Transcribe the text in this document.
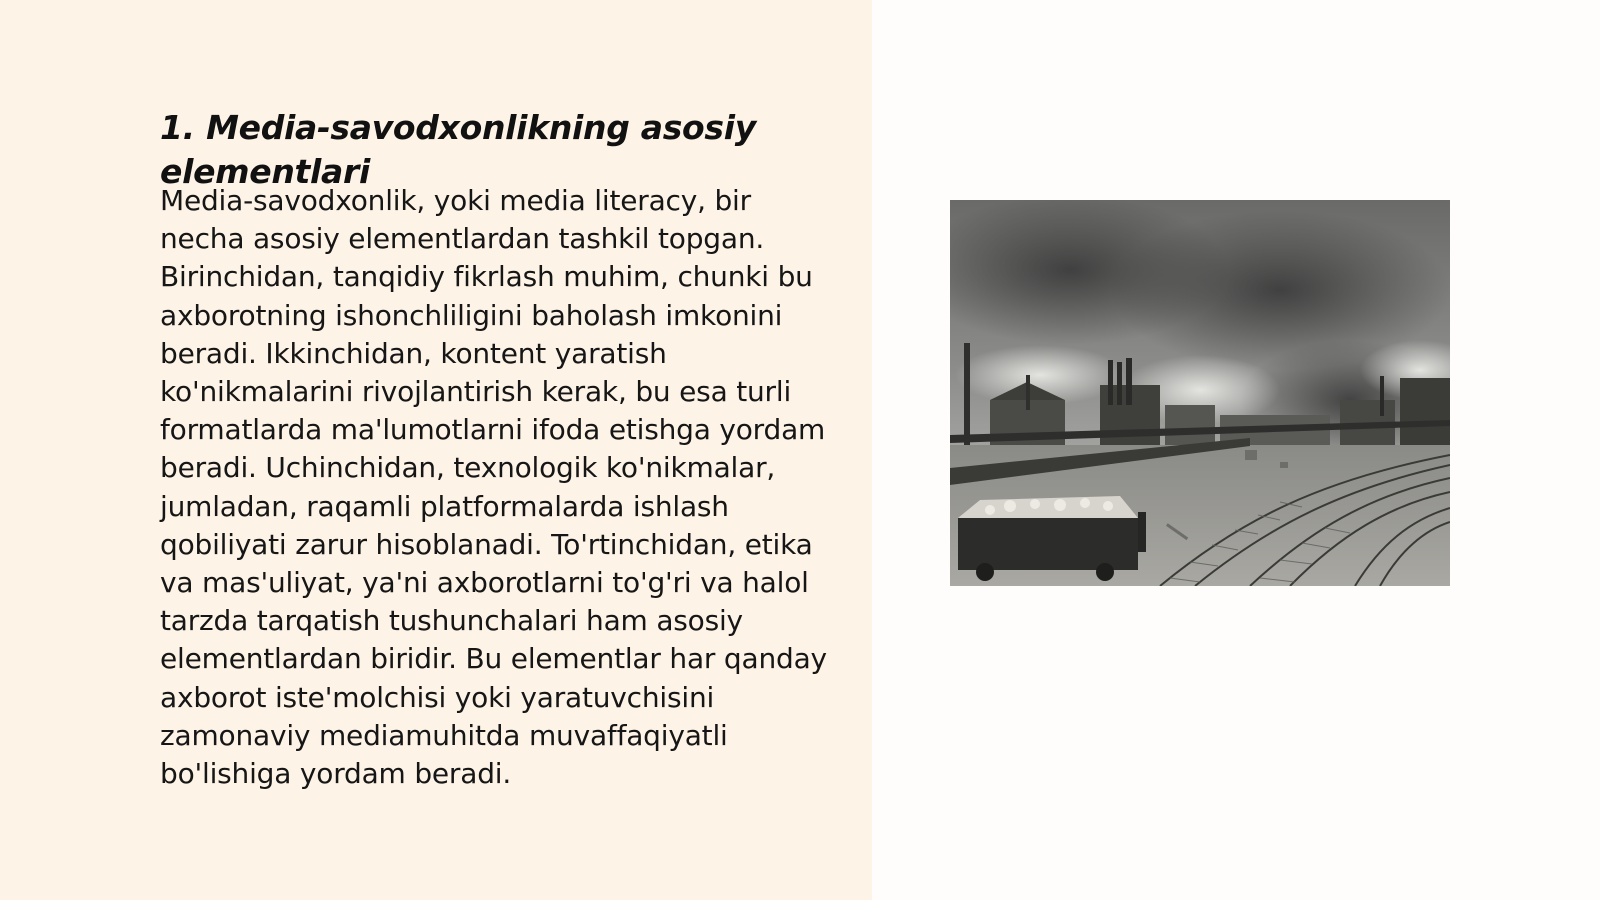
1. Media-savodxonlikning asosiy elementlari

Media-savodxonlik, yoki media literacy, bir necha asosiy elementlardan tashkil topgan. Birinchidan, tanqidiy fikrlash muhim, chunki bu axborotning ishonchliligini baholash imkonini beradi. Ikkinchidan, kontent yaratish ko'nikmalarini rivojlantirish kerak, bu esa turli formatlarda ma'lumotlarni ifoda etishga yordam beradi. Uchinchidan, texnologik ko'nikmalar, jumladan, raqamli platformalarda ishlash qobiliyati zarur hisoblanadi. To'rtinchidan, etika va mas'uliyat, ya'ni axborotlarni to'g'ri va halol tarzda tarqatish tushunchalari ham asosiy elementlardan biridir. Bu elementlar har qanday axborot iste'molchisi yoki yaratuvchisini zamonaviy mediamuhitda muvaffaqiyatli bo'lishiga yordam beradi.
